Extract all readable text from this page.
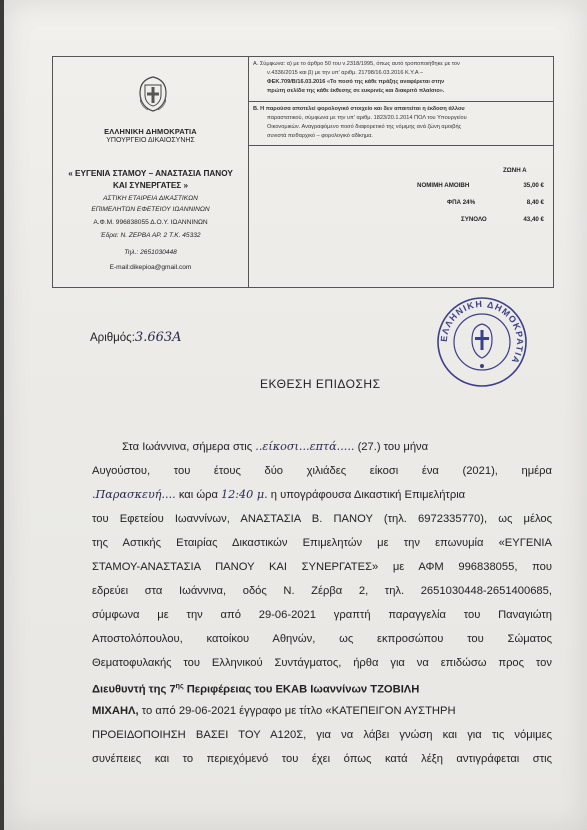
ΕΛΛΗΝΙΚΗ ΔΗΜΟΚΡΑΤΙΑ
ΥΠΟΥΡΓΕΙΟ ΔΙΚΑΙΟΣΥΝΗΣ
« ΕΥΓΕΝΙΑ ΣΤΑΜΟΥ – ΑΝΑΣΤΑΣΙΑ ΠΑΝΟΥ
ΚΑΙ ΣΥΝΕΡΓΑΤΕΣ »
ΑΣΤΙΚΗ ΕΤΑΙΡΕΙΑ ΔΙΚΑΣΤΙΚΩΝ
ΕΠΙΜΕΛΗΤΩΝ ΕΦΕΤΕΙΟΥ ΙΩΑΝΝΙΝΩΝ
Α.Φ.Μ. 996838055 Δ.Ο.Υ. ΙΩΑΝΝΙΝΩΝ
Έδρα: Ν. ΖΕΡΒΑ ΑΡ. 2 Τ.Κ. 45332
Τηλ.: 2651030448
E-mail:dikepioa@gmail.com
Α. Σύμφωνα: α) με το άρθρο 50 του ν.2318/1995, όπως αυτό τροποποιήθηκε με τον
ν.4336/2015 και β) με την υπ' αριθμ. 21798/16.03.2016 Κ.Υ.Α –
ΦΕΚ.709/Β/16.03.2016 «Το ποσό της κάθε πράξης αναφέρεται στην
πρώτη σελίδα της κάθε έκθεσης σε ευκρινές και διακριτό πλαίσιο».
Β. Η παρούσα αποτελεί φορολογικό στοιχείο και δεν απαιτείται η έκδοση άλλου
παραστατικού, σύμφωνα με την υπ' αριθμ. 1823/20.1.2014 ΠΟΛ του Υπουργείου
Οικονομικών. Αναγραφόμενο ποσό διαφορετικό της νόμιμης ανά ζώνη αμοιβής
συνιστά πειθαρχικό – φορολογικό αδίκημα.
ΖΩΝΗ Α
ΝΟΜΙΜΗ ΑΜΟΙΒΗ	35,00 €
ΦΠΑ 24%	8,40 €
ΣΥΝΟΛΟ	43,40 €
Αριθμός:3.663Α	ΕΛΛΗΝΙΚΗ ΔΗΜΟΚΡΑΤΙΑ
ΕΚΘΕΣΗ ΕΠΙΔΟΣΗΣ
Στα Ιωάννινα, σήμερα στις ..είκοσι...επτά..... (27.) του μήνα
Αυγούστου, του έτους δύο χιλιάδες είκοσι ένα (2021), ημέρα
.Παρασκευή.... και ώρα 12:40 μ. η υπογράφουσα Δικαστική Επιμελήτρια
του Εφετείου Ιωαννίνων, ΑΝΑΣΤΑΣΙΑ Β. ΠΑΝΟΥ (τηλ. 6972335770), ως μέλος
της Αστικής Εταιρίας Δικαστικών Επιμελητών με την επωνυμία «ΕΥΓΕΝΙΑ
ΣΤΑΜΟΥ-ΑΝΑΣΤΑΣΙΑ ΠΑΝΟΥ ΚΑΙ ΣΥΝΕΡΓΑΤΕΣ» με ΑΦΜ 996838055, που
εδρεύει στα Ιωάννινα, οδός Ν. Ζέρβα 2, τηλ. 2651030448-2651400685,
σύμφωνα με την από 29-06-2021 γραπτή παραγγελία του Παναγιώτη
Αποστολόπουλου, κατοίκου Αθηνών, ως εκπροσώπου του Σώματος
Θεματοφυλακής του Ελληνικού Συντάγματος, ήρθα για να επιδώσω προς τον
Διευθυντή της $7^{\eta\varsigma}$ Περιφέρειας του ΕΚΑΒ Ιωαννίνων ΤΖΟΒΙΛΗ
ΜΙΧΑΗΛ, το από 29-06-2021 έγγραφο με τίτλο «ΚΑΤΕΠΕΙΓΟΝ ΑΥΣΤΗΡΗ
ΠΡΟΕΙΔΟΠΟΙΗΣΗ ΒΑΣΕΙ ΤΟΥ Α120Σ, για να λάβει γνώση και για τις νόμιμες
συνέπειες και το περιεχόμενό του έχει όπως κατά λέξη αντιγράφεται στις
